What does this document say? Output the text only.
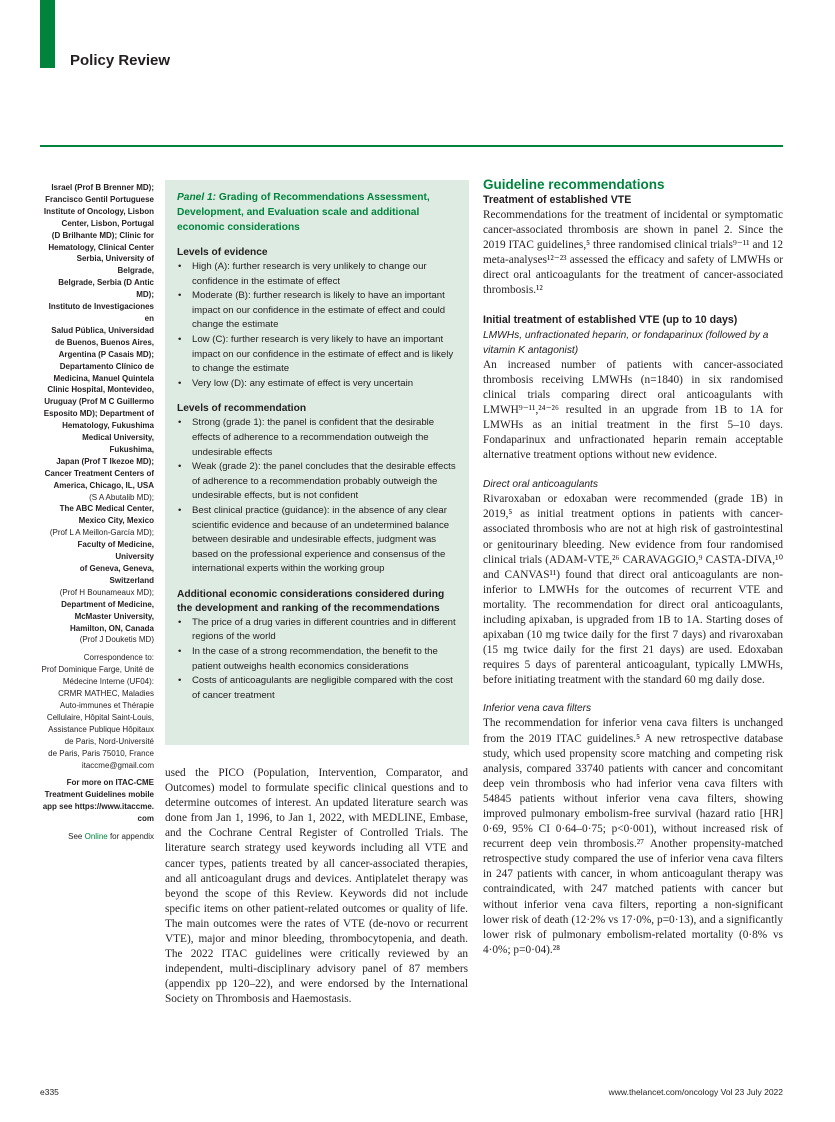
Policy Review
Israel (Prof B Brenner MD);
Francisco Gentil Portuguese
Institute of Oncology, Lisbon
Center, Lisbon, Portugal
(D Brilhante MD); Clinic for
Hematology, Clinical Center
Serbia, University of Belgrade,
Belgrade, Serbia (D Antic MD);
Instituto de Investigaciones en
Salud Pública, Universidad
de Buenos, Buenos Aires,
Argentina (P Casais MD);
Departamento Clínico de
Medicina, Manuel Quintela
Clinic Hospital, Montevideo,
Uruguay (Prof M C Guillermo
Esposito MD); Department of
Hematology, Fukushima
Medical University, Fukushima,
Japan (Prof T Ikezoe MD);
Cancer Treatment Centers of
America, Chicago, IL, USA
(S A Abutalib MD);
The ABC Medical Center,
Mexico City, Mexico
(Prof L A Meillon-García MD);
Faculty of Medicine, University
of Geneva, Geneva, Switzerland
(Prof H Bounameaux MD);
Department of Medicine,
McMaster University,
Hamilton, ON, Canada
(Prof J Douketis MD)
Correspondence to:
Prof Dominique Farge, Unité de
Médecine Interne (UF04):
CRMR MATHEC, Maladies
Auto-immunes et Thérapie
Cellulaire, Hôpital Saint-Louis,
Assistance Publique Hôpitaux
de Paris, Nord-Université
de Paris, Paris 75010, France
itaccme@gmail.com
For more on ITAC-CME
Treatment Guidelines mobile
app see https://www.itaccme.
com
See Online for appendix
Panel 1: Grading of Recommendations Assessment, Development, and Evaluation scale and additional economic considerations
Levels of evidence
• High (A): further research is very unlikely to change our confidence in the estimate of effect
• Moderate (B): further research is likely to have an important impact on our confidence in the estimate of effect and could change the estimate
• Low (C): further research is very likely to have an important impact on our confidence in the estimate of effect and is likely to change the estimate
• Very low (D): any estimate of effect is very uncertain
Levels of recommendation
• Strong (grade 1): the panel is confident that the desirable effects of adherence to a recommendation outweigh the undesirable effects
• Weak (grade 2): the panel concludes that the desirable effects of adherence to a recommendation probably outweigh the undesirable effects, but is not confident
• Best clinical practice (guidance): in the absence of any clear scientific evidence and because of an undetermined balance between desirable and undesirable effects, judgment was based on the professional experience and consensus of the international experts within the working group
Additional economic considerations considered during the development and ranking of the recommendations
• The price of a drug varies in different countries and in different regions of the world
• In the case of a strong recommendation, the benefit to the patient outweighs health economics considerations
• Costs of anticoagulants are negligible compared with the cost of cancer treatment

used the PICO (Population, Intervention, Comparator, and Outcomes) model to formulate specific clinical questions and to determine outcomes of interest. An updated literature search was done from Jan 1, 1996, to Jan 1, 2022, with MEDLINE, Embase, and the Cochrane Central Register of Controlled Trials. The literature search strategy used keywords including all VTE and cancer types, patients treated by all cancer-associated therapies, and all anticoagulant drugs and devices. Antiplatelet therapy was beyond the scope of this Review. Keywords did not include specific items on other patient-related outcomes or quality of life. The main outcomes were the rates of VTE (de-novo or recurrent VTE), major and minor bleeding, thrombocytopenia, and death. The 2022 ITAC guidelines were critically reviewed by an independent, multi-disciplinary advisory panel of 87 members (appendix pp 120–22), and were endorsed by the International Society on Thrombosis and Haemostasis.

Guideline recommendations
Treatment of established VTE

Recommendations for the treatment of incidental or symptomatic cancer-associated thrombosis are shown in panel 2. Since the 2019 ITAC guidelines,⁵ three randomised clinical trials⁹⁻¹¹ and 12 meta-analyses¹²⁻²³ assessed the efficacy and safety of LMWHs or direct oral anticoagulants for the treatment of cancer-associated thrombosis.¹²

Initial treatment of established VTE (up to 10 days)
LMWHs, unfractionated heparin, or fondaparinux (followed by a vitamin K antagonist)

An increased number of patients with cancer-associated thrombosis receiving LMWHs (n=1840) in six randomised clinical trials comparing direct oral anticoagulants with LMWH⁹⁻¹¹,²⁴⁻²⁶ resulted in an upgrade from 1B to 1A for LMWHs as an initial treatment in the first 5–10 days. Fondaparinux and unfractionated heparin remain acceptable alternative treatment options without new evidence.

Direct oral anticoagulants

Rivaroxaban or edoxaban were recommended (grade 1B) in 2019,⁵ as initial treatment options in patients with cancer-associated thrombosis who are not at high risk of gastrointestinal or genitourinary bleeding. New evidence from four randomised clinical trials (ADAM-VTE,²⁶ CARAVAGGIO,⁹ CASTA-DIVA,¹⁰ and CANVAS¹¹) found that direct oral anticoagulants are non-inferior to LMWHs for the outcomes of recurrent VTE and mortality. The recommendation for direct oral anticoagulants, including apixaban, is upgraded from 1B to 1A. Starting doses of apixaban (10 mg twice daily for the first 7 days) and rivaroxaban (15 mg twice daily for the first 21 days) are used. Edoxaban requires 5 days of parenteral anticoagulant, typically LMWHs, before initiating treatment with the standard 60 mg daily dose.

Inferior vena cava filters

The recommendation for inferior vena cava filters is unchanged from the 2019 ITAC guidelines.⁵ A new retrospective database study, which used propensity score matching and competing risk analysis, compared 33740 patients with cancer and concomitant deep vein thrombosis who had inferior vena cava filters with 54845 patients without inferior vena cava filters, showing improved pulmonary embolism-free survival (hazard ratio [HR] 0·69, 95% CI 0·64–0·75; p<0·001), without increased risk of recurrent deep vein thrombosis.²⁷ Another propensity-matched retrospective study compared the use of inferior vena cava filters in 247 patients with cancer, in whom anticoagulant therapy was contraindicated, with 247 matched patients with cancer but without inferior vena cava filters, reporting a non-significant lower risk of death (12·2% vs 17·0%, p=0·13), and a significantly lower risk of pulmonary embolism-related mortality (0·8% vs 4·0%; p=0·04).²⁸

e335	www.thelancet.com/oncology Vol 23 July 2022
